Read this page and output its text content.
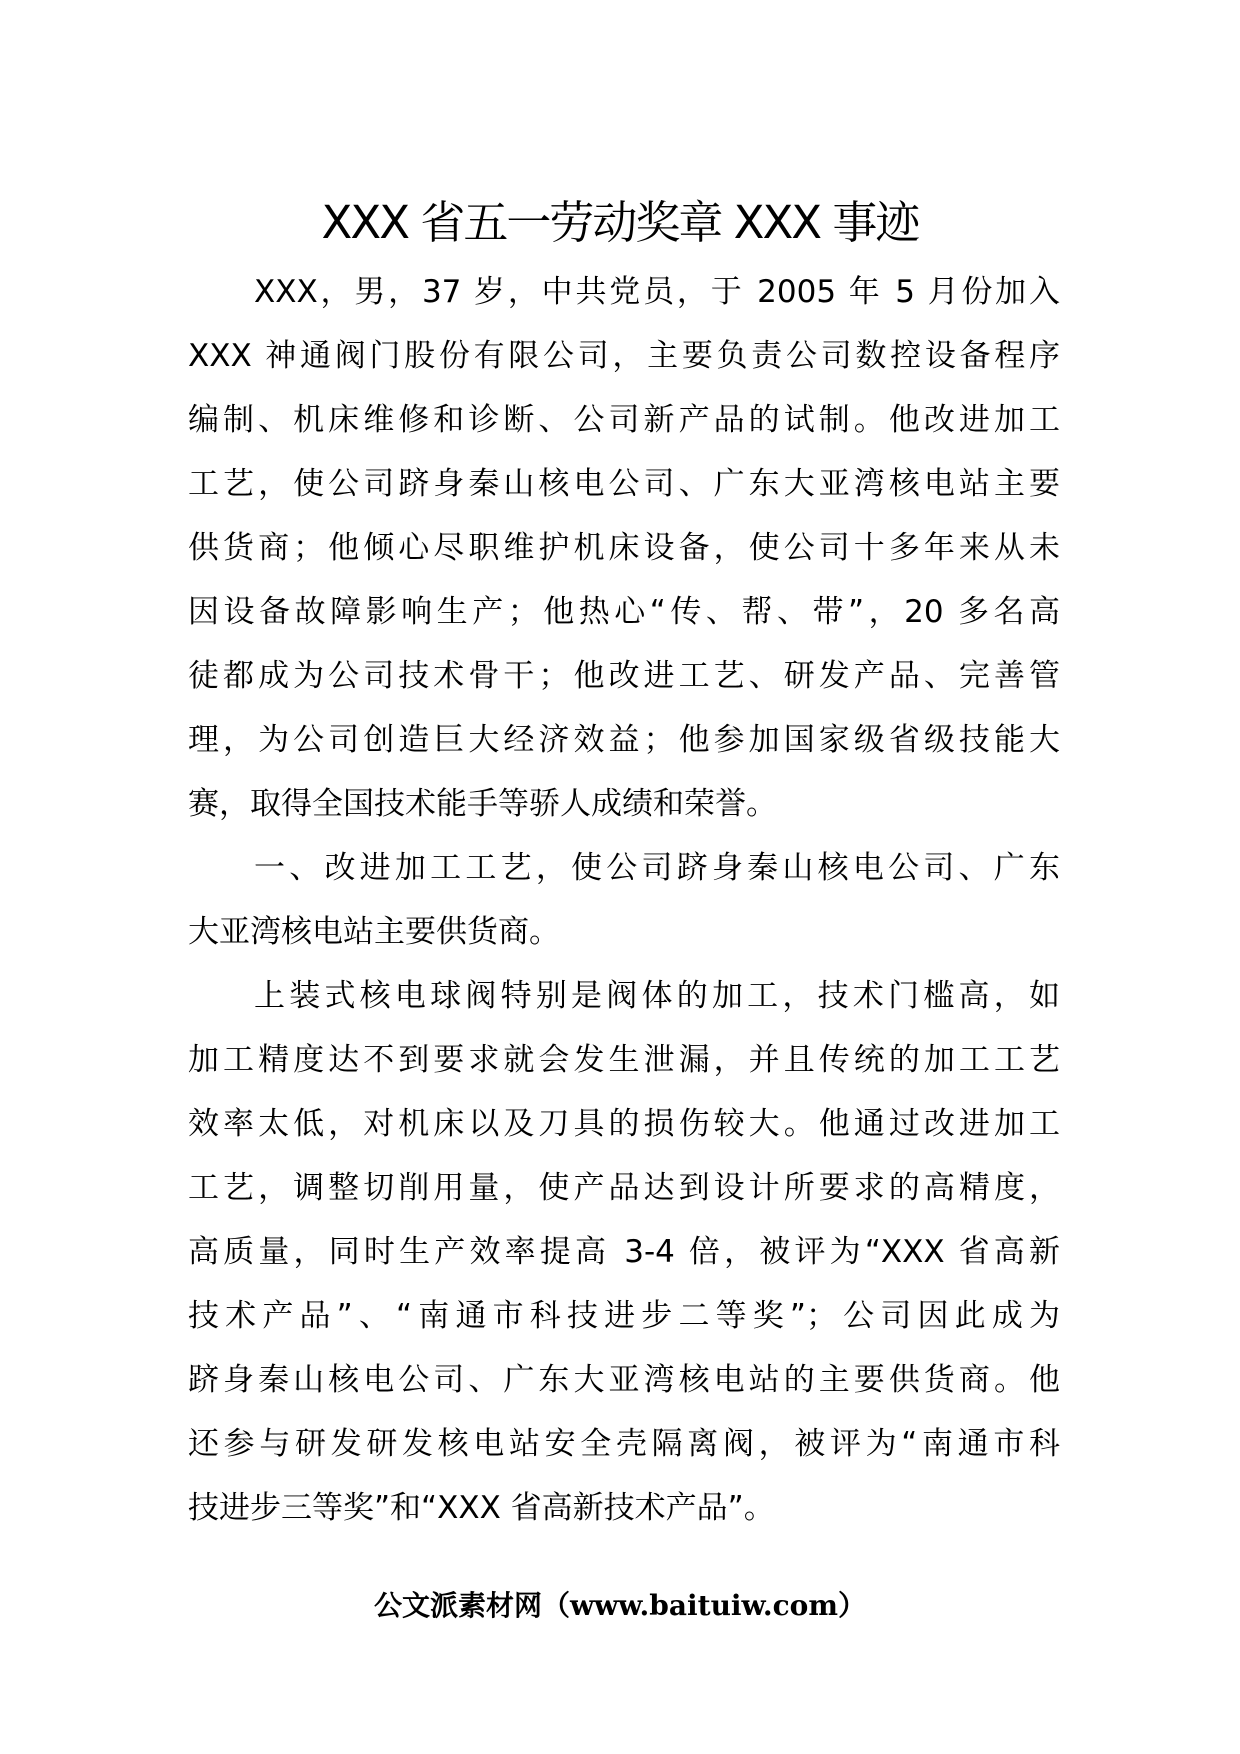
XXX 省五一劳动奖章 XXX 事迹

XXX，男，37 岁，中共党员，于 2005 年 5 月份加入
XXX 神通阀门股份有限公司，主要负责公司数控设备程序
编制、机床维修和诊断、公司新产品的试制。他改进加工
工艺，使公司跻身秦山核电公司、广东大亚湾核电站主要
供货商；他倾心尽职维护机床设备，使公司十多年来从未
因设备故障影响生产；他热心“传、帮、带”，20 多名高
徒都成为公司技术骨干；他改进工艺、研发产品、完善管
理，为公司创造巨大经济效益；他参加国家级省级技能大
赛，取得全国技术能手等骄人成绩和荣誉。

一、改进加工工艺，使公司跻身秦山核电公司、广东
大亚湾核电站主要供货商。

上装式核电球阀特别是阀体的加工，技术门槛高，如
加工精度达不到要求就会发生泄漏，并且传统的加工工艺
效率太低，对机床以及刀具的损伤较大。他通过改进加工
工艺，调整切削用量，使产品达到设计所要求的高精度，
高质量，同时生产效率提高 3-4 倍，被评为“XXX 省高新
技术产品”、“南通市科技进步二等奖”；公司因此成为
跻身秦山核电公司、广东大亚湾核电站的主要供货商。他
还参与研发研发核电站安全壳隔离阀，被评为“南通市科
技进步三等奖”和“XXX 省高新技术产品”。

公文派素材网（www.baituiw.com）
